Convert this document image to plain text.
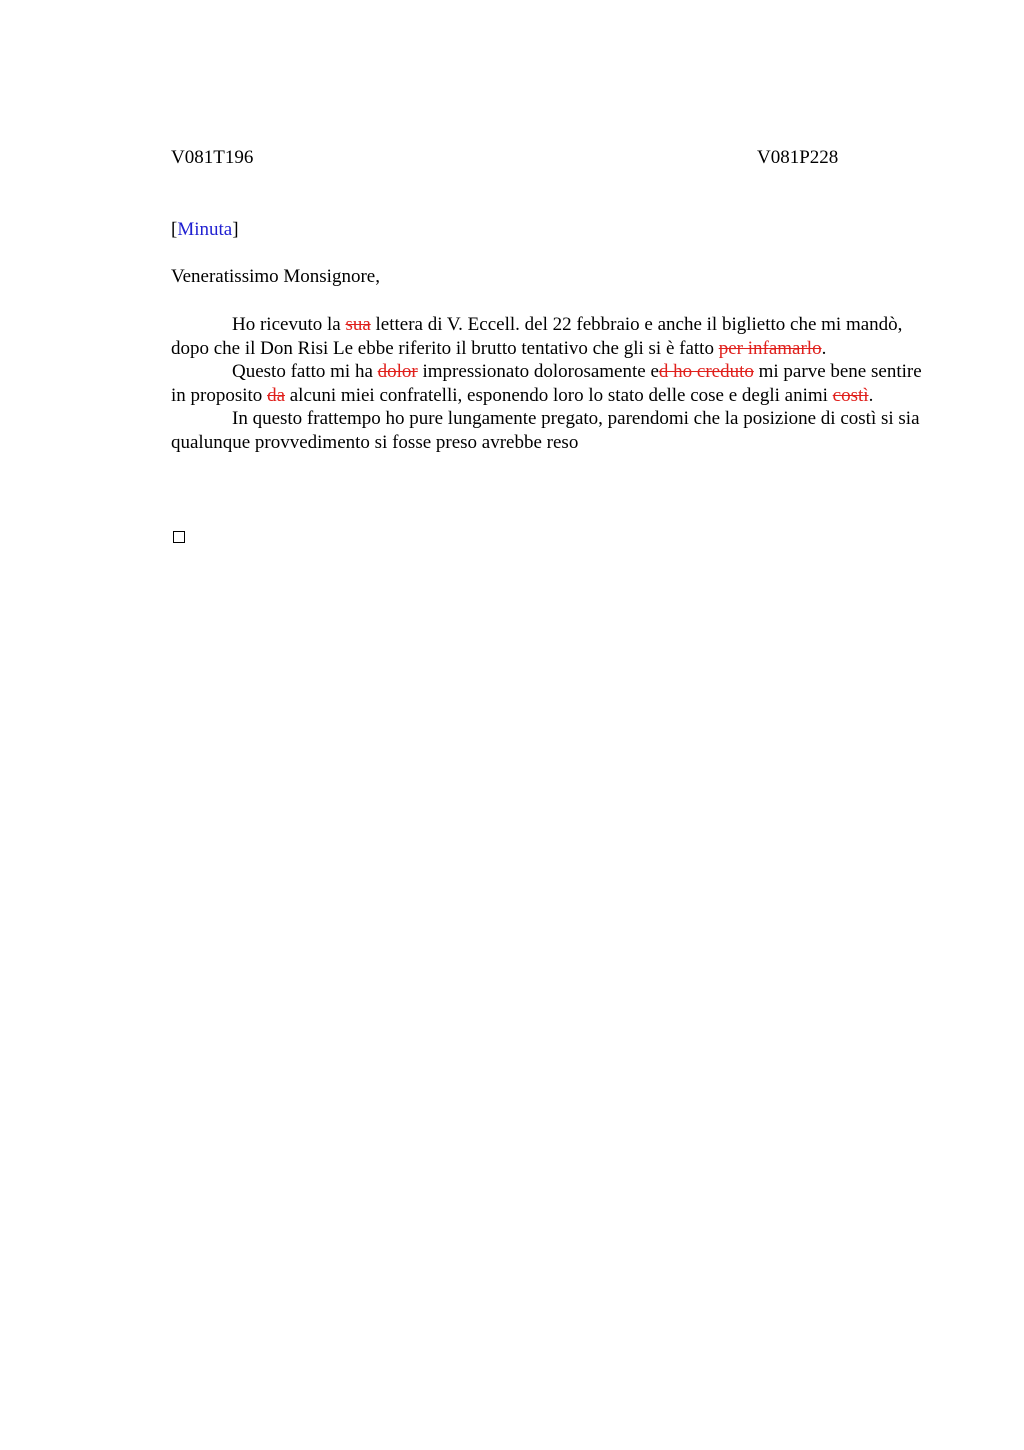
V081T196	V081P228
[Minuta]
Veneratissimo Monsignore,

Ho ricevuto la sua lettera di V. Eccell. del 22 febbraio e anche il biglietto che mi mandò, dopo che il Don Risi Le ebbe riferito il brutto tentativo che gli si è fatto per infamarlo.

Questo fatto mi ha dolor impressionato dolorosamente ed ho creduto mi parve bene sentire in proposito da alcuni miei confratelli, esponendo loro lo stato delle cose e degli animi costì.

In questo frattempo ho pure lungamente pregato, parendomi che la posizione di costì si sia qualunque provvedimento si fosse preso avrebbe reso
